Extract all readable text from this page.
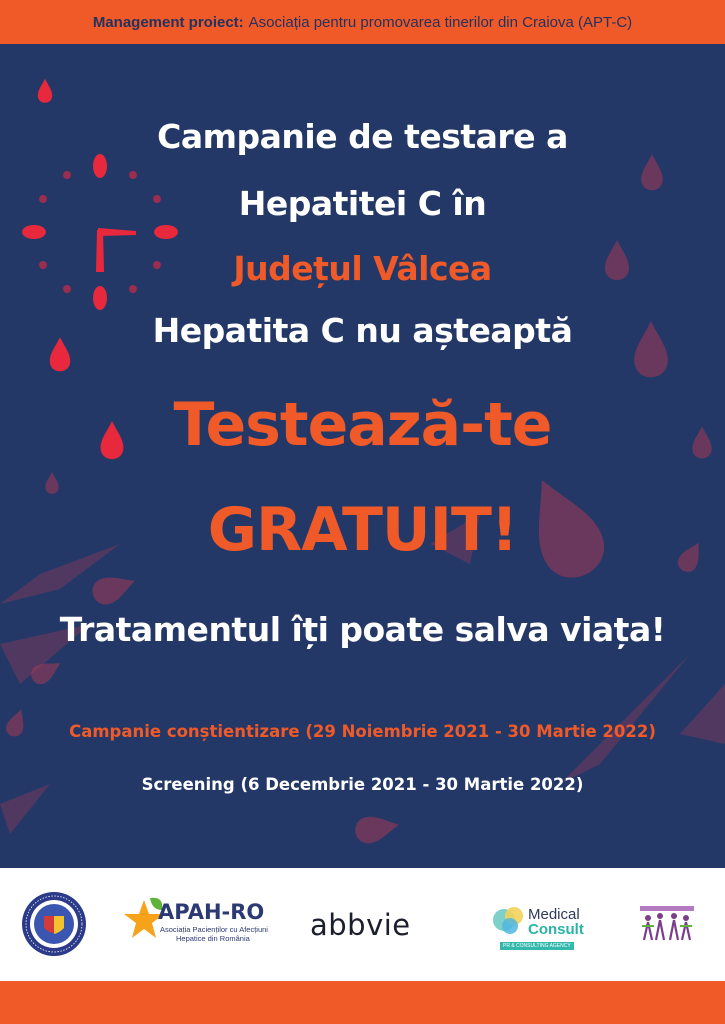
Management proiect: Asociația pentru promovarea tinerilor din Craiova (APT-C)
Campanie de testare a
Hepatitei C în
Județul Vâlcea
Hepatita C nu așteaptă
Testează-te
GRATUIT!
Tratamentul îți poate salva viața!
Campanie conștientizare (29 Noiembrie 2021 - 30 Martie 2022)
Screening (6 Decembrie 2021 - 30 Martie 2022)
APAH-RO
Asociația Pacienților cu Afecțiuni
Hepatice din România abbvie	Medical
Consult
PR & CONSULTING AGENCY
